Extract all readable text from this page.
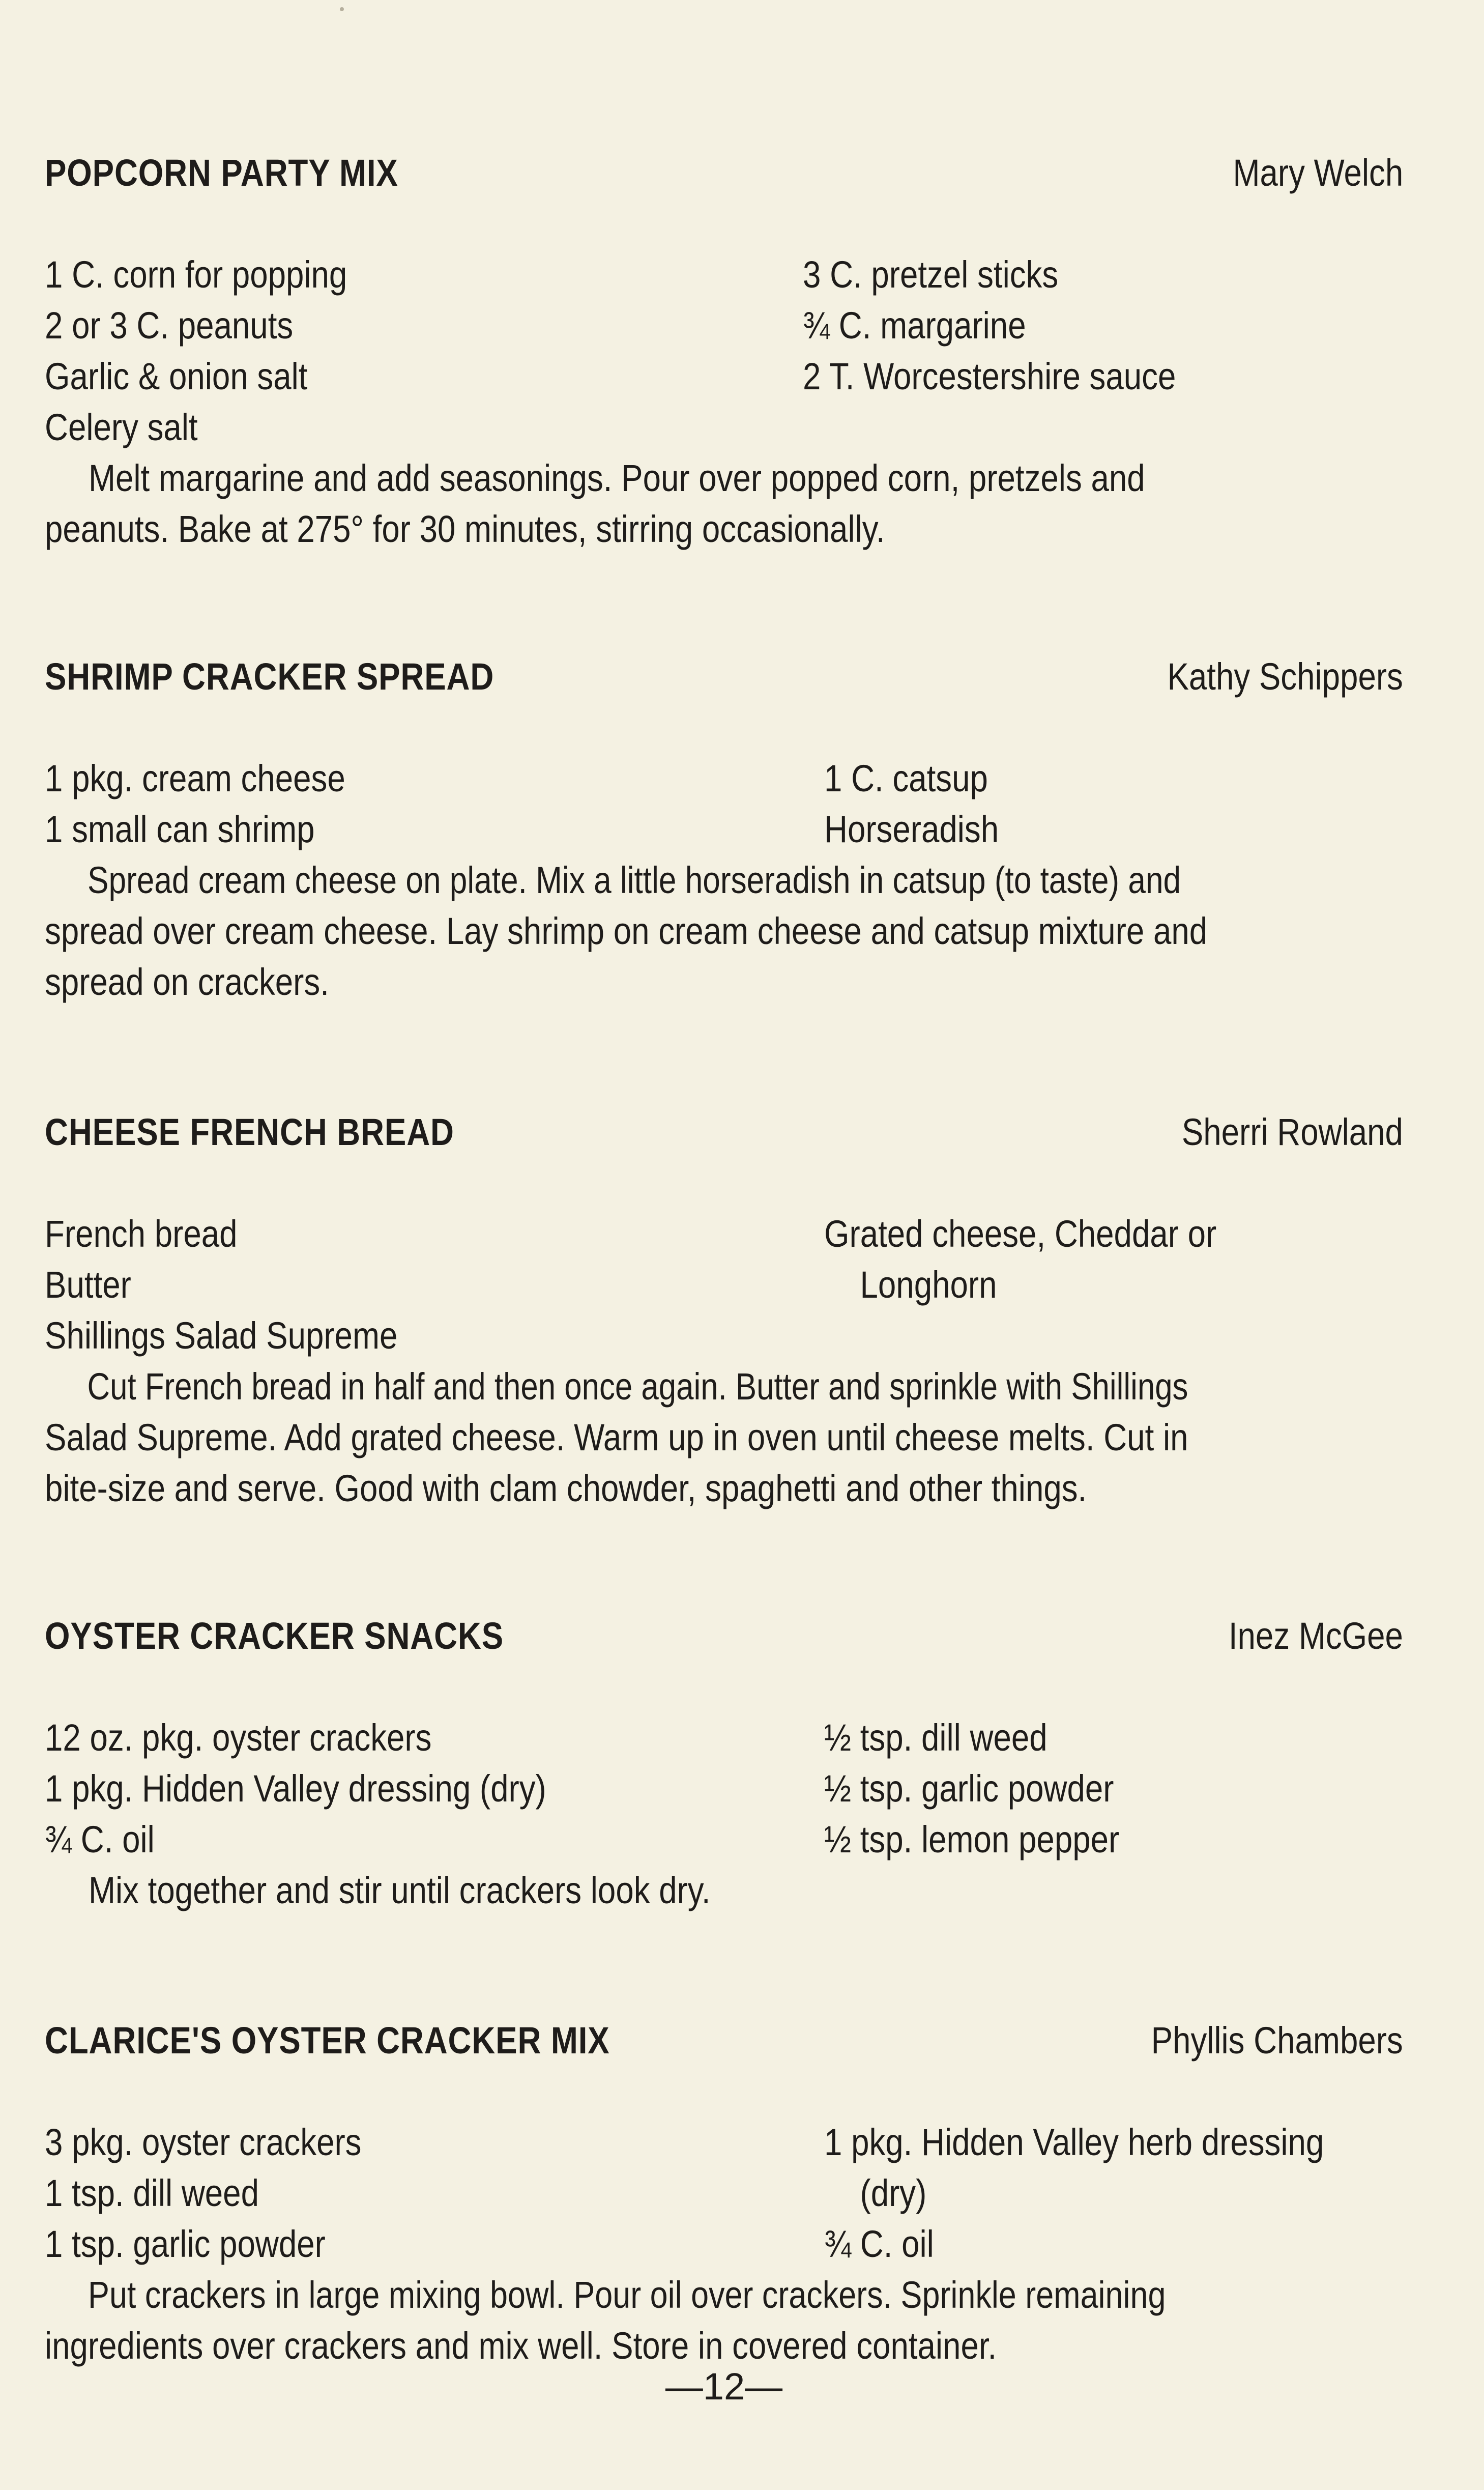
POPCORN PARTY MIX	Mary Welch
1 C. corn for popping
2 or 3 C. peanuts
Garlic & onion salt
Celery salt
3 C. pretzel sticks
¾ C. margarine
2 T. Worcestershire sauce
Melt margarine and add seasonings. Pour over popped corn, pretzels and
peanuts. Bake at 275° for 30 minutes, stirring occasionally.
SHRIMP CRACKER SPREAD	Kathy Schippers
1 pkg. cream cheese
1 small can shrimp
1 C. catsup
Horseradish
Spread cream cheese on plate. Mix a little horseradish in catsup (to taste) and
spread over cream cheese. Lay shrimp on cream cheese and catsup mixture and
spread on crackers.
CHEESE FRENCH BREAD	Sherri Rowland
French bread
Butter
Shillings Salad Supreme
Grated cheese, Cheddar or
Longhorn
Cut French bread in half and then once again. Butter and sprinkle with Shillings
Salad Supreme. Add grated cheese. Warm up in oven until cheese melts. Cut in
bite-size and serve. Good with clam chowder, spaghetti and other things.
OYSTER CRACKER SNACKS	Inez McGee
12 oz. pkg. oyster crackers
1 pkg. Hidden Valley dressing (dry)
¾ C. oil
½ tsp. dill weed
½ tsp. garlic powder
½ tsp. lemon pepper
Mix together and stir until crackers look dry.
CLARICE'S OYSTER CRACKER MIX	Phyllis Chambers
3 pkg. oyster crackers
1 tsp. dill weed
1 tsp. garlic powder
1 pkg. Hidden Valley herb dressing
(dry)
¾ C. oil
Put crackers in large mixing bowl. Pour oil over crackers. Sprinkle remaining
ingredients over crackers and mix well. Store in covered container.
—12—
